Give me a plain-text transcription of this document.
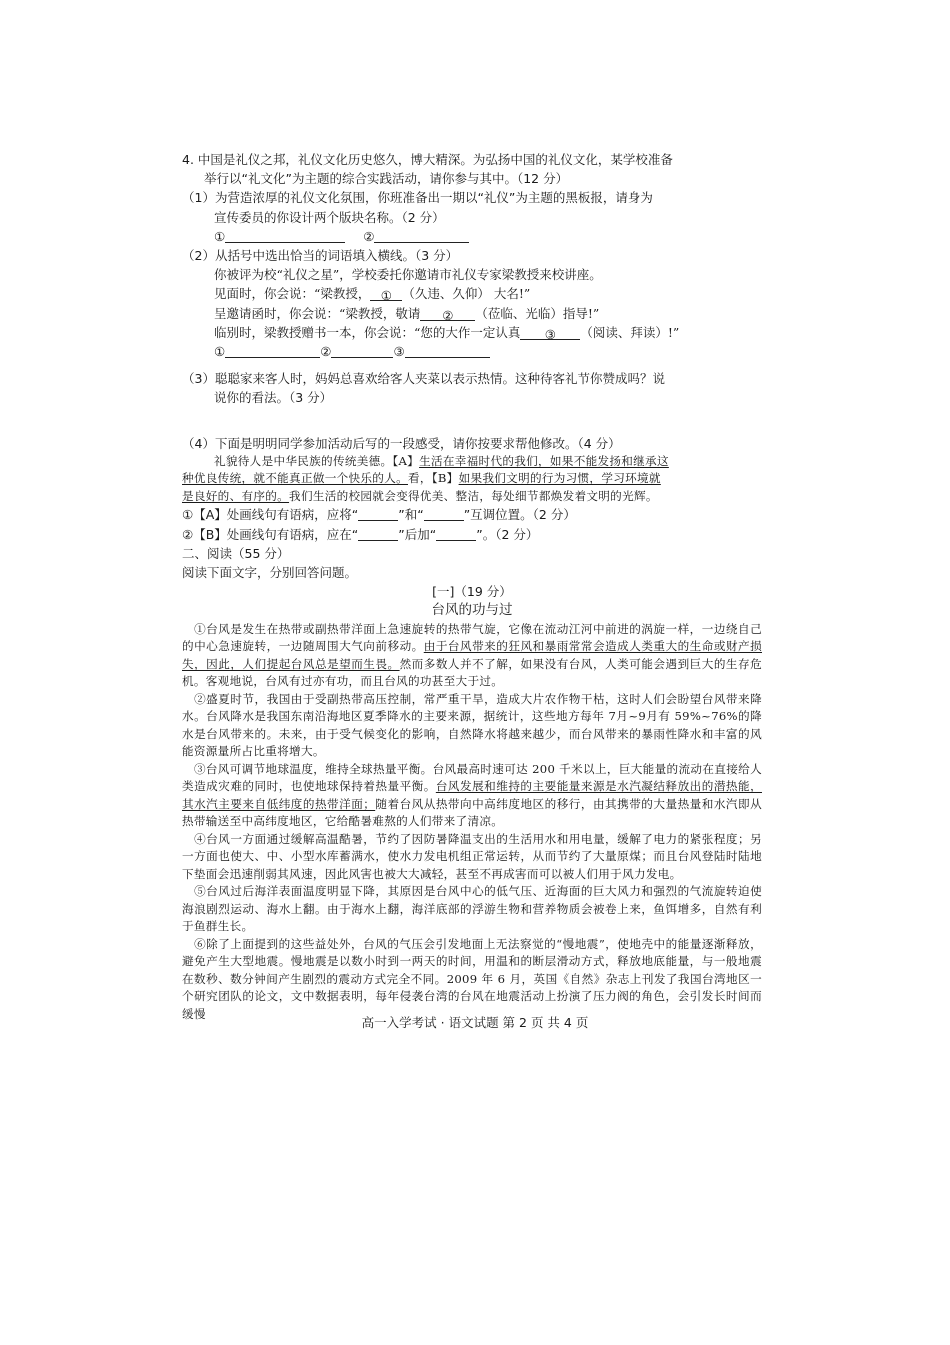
4. 中国是礼仪之邦，礼仪文化历史悠久，博大精深。为弘扬中国的礼仪文化，某学校准备
举行以“礼文化”为主题的综合实践活动，请你参与其中。（12 分）
（1）为营造浓厚的礼仪文化氛围，你班准备出一期以“礼仪”为主题的黑板报，请身为
宣传委员的你设计两个版块名称。（2 分）
①	②
（2）从括号中选出恰当的词语填入横线。（3 分）
你被评为校“礼仪之星”，学校委托你邀请市礼仪专家梁教授来校讲座。
见面时，你会说：“梁教授， ① （久违、久仰） 大名!”
呈邀请函时，你会说：“梁教授，敬请 ② （莅临、光临）指导!”
临别时，梁教授赠书一本，你会说：“您的大作一定认真 ③ （阅读、拜读）!”
①	②	③
（3）聪聪家来客人时，妈妈总喜欢给客人夹菜以表示热情。这种待客礼节你赞成吗？说
说你的看法。（3 分）
（4）下面是明明同学参加活动后写的一段感受，请你按要求帮他修改。（4 分）
礼貌待人是中华民族的传统美德。【A】生活在幸福时代的我们，如果不能发扬和继承这
种优良传统，就不能真正做一个快乐的人。看，【B】如果我们文明的行为习惯，学习环境就
是良好的、有序的。我们生活的校园就会变得优美、整洁，每处细节都焕发着文明的光辉。
①【A】处画线句有语病，应将“	”和“	”互调位置。（2 分）
②【B】处画线句有语病，应在“	”后加“	”。（2 分）
二、阅读（55 分）
阅读下面文字，分别回答问题。
[一]（19 分）
台风的功与过

　①台风是发生在热带或副热带洋面上急速旋转的热带气旋，它像在流动江河中前进的涡旋一样，一边绕自己的中心急速旋转，一边随周围大气向前移动。由于台风带来的狂风和暴雨常常会造成人类重大的生命或财产损失，因此，人们提起台风总是望而生畏。然而多数人并不了解，如果没有台风，人类可能会遇到巨大的生存危机。客观地说，台风有过亦有功，而且台风的功甚至大于过。

　②盛夏时节，我国由于受副热带高压控制，常严重干旱，造成大片农作物干枯，这时人们会盼望台风带来降水。台风降水是我国东南沿海地区夏季降水的主要来源，据统计，这些地方每年 7月~9月有 59%~76%的降水是台风带来的。未来，由于受气候变化的影响，自然降水将越来越少，而台风带来的暴雨性降水和丰富的风能资源量所占比重将增大。

　③台风可调节地球温度，维持全球热量平衡。台风最高时速可达 200 千米以上，巨大能量的流动在直接给人类造成灾难的同时，也使地球保持着热量平衡。台风发展和维持的主要能量来源是水汽凝结释放出的潜热能，其水汽主要来自低纬度的热带洋面；随着台风从热带向中高纬度地区的移行，由其携带的大量热量和水汽即从热带输送至中高纬度地区，它给酷暑难熬的人们带来了清凉。

　④台风一方面通过缓解高温酷暑，节约了因防暑降温支出的生活用水和用电量，缓解了电力的紧张程度；另一方面也使大、中、小型水库蓄满水，使水力发电机组正常运转，从而节约了大量原煤；而且台风登陆时陆地下垫面会迅速削弱其风速，因此风害也被大大减轻，甚至不再成害而可以被人们用于风力发电。

　⑤台风过后海洋表面温度明显下降，其原因是台风中心的低气压、近海面的巨大风力和强烈的气流旋转迫使海浪剧烈运动、海水上翻。由于海水上翻，海洋底部的浮游生物和营养物质会被卷上来，鱼饵增多，自然有利于鱼群生长。

　⑥除了上面提到的这些益处外，台风的气压会引发地面上无法察觉的“慢地震”，使地壳中的能量逐渐释放，避免产生大型地震。慢地震是以数小时到一两天的时间，用温和的断层滑动方式，释放地底能量，与一般地震在数秒、数分钟间产生剧烈的震动方式完全不同。2009 年 6 月，英国《自然》杂志上刊发了我国台湾地区一个研究团队的论文，文中数据表明，每年侵袭台湾的台风在地震活动上扮演了压力阀的角色，会引发长时间而缓慢

高一入学考试 · 语文试题 第 2 页 共 4 页
